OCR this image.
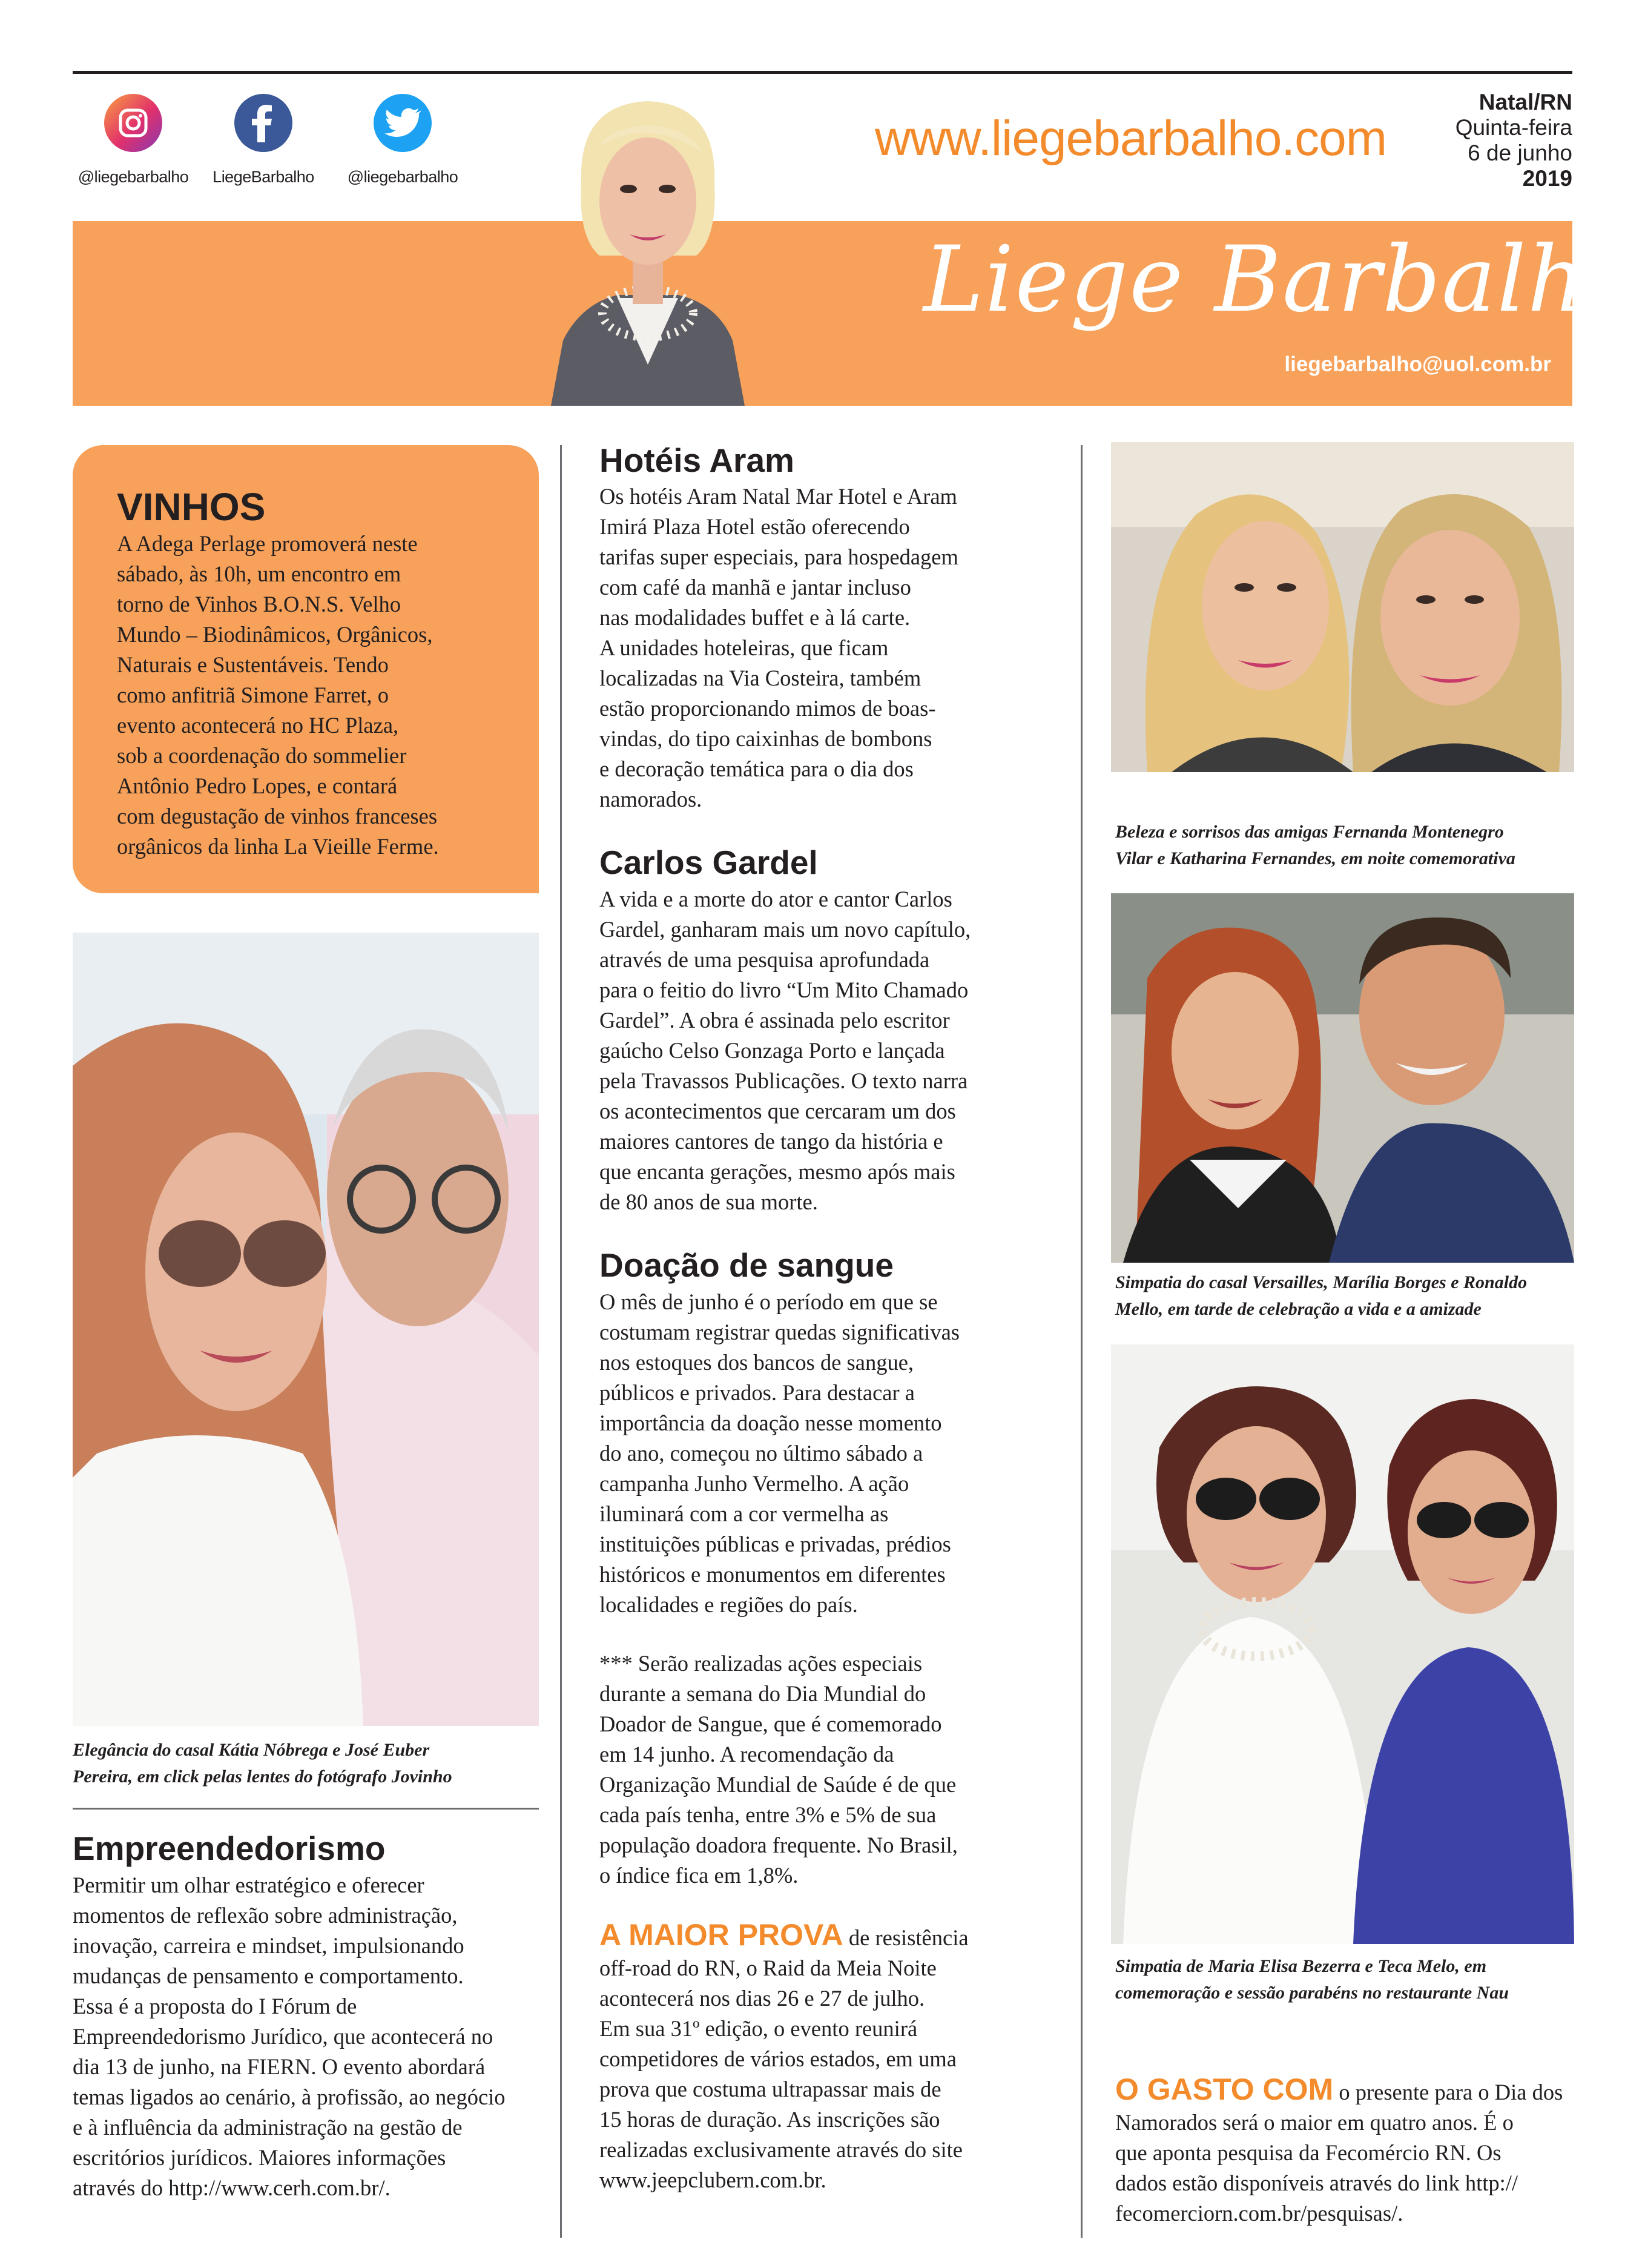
@liegebarbalho	LiegeBarbalho	@liegebarbalho
www.liegebarbalho.com
Natal/RN
Quinta-feira
6 de junho
2019
Liege Barbalho
liegebarbalho@uol.com.br
VINHOS

A Adega Perlage promoverá neste

sábado, às 10h, um encontro em

torno de Vinhos B.O.N.S. Velho

Mundo – Biodinâmicos, Orgânicos,

Naturais e Sustentáveis. Tendo

como anfitriã Simone Farret, o

evento acontecerá no HC Plaza,

sob a coordenação do sommelier

Antônio Pedro Lopes, e contará

com degustação de vinhos franceses

orgânicos da linha La Vieille Ferme.

Elegância do casal Kátia Nóbrega e José Euber

Pereira, em click pelas lentes do fotógrafo Jovinho

Empreendedorismo

Permitir um olhar estratégico e oferecer

momentos de reflexão sobre administração,

inovação, carreira e mindset, impulsionando

mudanças de pensamento e comportamento.

Essa é a proposta do I Fórum de

Empreendedorismo Jurídico, que acontecerá no

dia 13 de junho, na FIERN. O evento abordará

temas ligados ao cenário, à profissão, ao negócio

e à influência da administração na gestão de

escritórios jurídicos. Maiores informações

através do http://www.cerh.com.br/.

Hotéis Aram

Os hotéis Aram Natal Mar Hotel e Aram

Imirá Plaza Hotel estão oferecendo

tarifas super especiais, para hospedagem

com café da manhã e jantar incluso

nas modalidades buffet e à lá carte.

A unidades hoteleiras, que ficam

localizadas na Via Costeira, também

estão proporcionando mimos de boas-

vindas, do tipo caixinhas de bombons

e decoração temática para o dia dos

namorados.

Carlos Gardel

A vida e a morte do ator e cantor Carlos

Gardel, ganharam mais um novo capítulo,

através de uma pesquisa aprofundada

para o feitio do livro “Um Mito Chamado

Gardel”. A obra é assinada pelo escritor

gaúcho Celso Gonzaga Porto e lançada

pela Travassos Publicações. O texto narra

os acontecimentos que cercaram um dos

maiores cantores de tango da história e

que encanta gerações, mesmo após mais

de 80 anos de sua morte.

Doação de sangue

O mês de junho é o período em que se

costumam registrar quedas significativas

nos estoques dos bancos de sangue,

públicos e privados. Para destacar a

importância da doação nesse momento

do ano, começou no último sábado a

campanha Junho Vermelho. A ação

iluminará com a cor vermelha as

instituições públicas e privadas, prédios

históricos e monumentos em diferentes

localidades e regiões do país.

*** Serão realizadas ações especiais

durante a semana do Dia Mundial do

Doador de Sangue, que é comemorado

em 14 junho. A recomendação da

Organização Mundial de Saúde é de que

cada país tenha, entre 3% e 5% de sua

população doadora frequente. No Brasil,

o índice fica em 1,8%.

A MAIOR PROVA de resistência

off-road do RN, o Raid da Meia Noite

acontecerá nos dias 26 e 27 de julho.

Em sua 31º edição, o evento reunirá

competidores de vários estados, em uma

prova que costuma ultrapassar mais de

15 horas de duração. As inscrições são

realizadas exclusivamente através do site

www.jeepclubern.com.br.

Beleza e sorrisos das amigas Fernanda Montenegro

Vilar e Katharina Fernandes, em noite comemorativa

Simpatia do casal Versailles, Marília Borges e Ronaldo

Mello, em tarde de celebração a vida e a amizade

Simpatia de Maria Elisa Bezerra e Teca Melo, em

comemoração e sessão parabéns no restaurante Nau

O GASTO COM o presente para o Dia dos

Namorados será o maior em quatro anos. É o

que aponta pesquisa da Fecomércio RN. Os

dados estão disponíveis através do link http://

fecomerciorn.com.br/pesquisas/.
